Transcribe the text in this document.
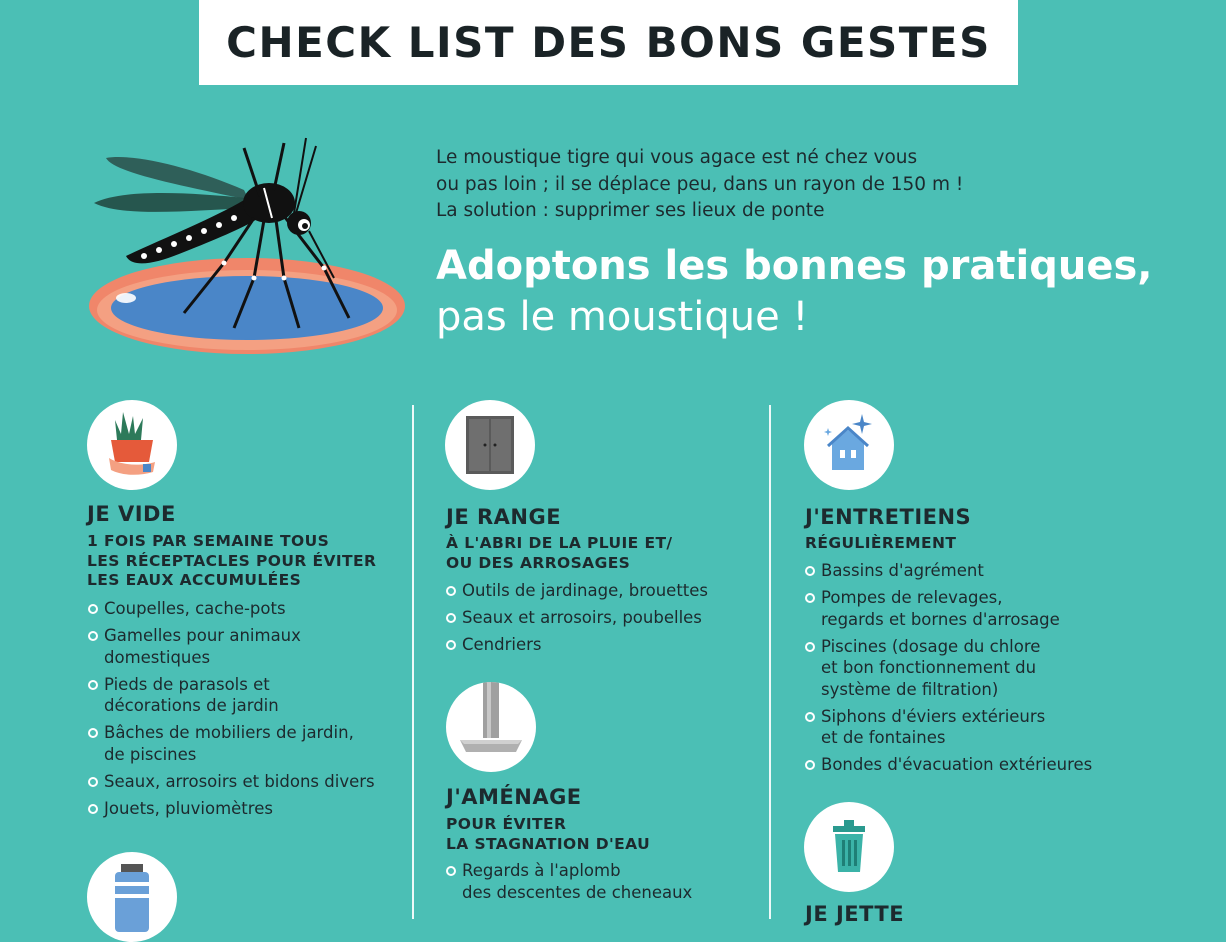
CHECK LIST DES BONS GESTES

Le moustique tigre qui vous agace est né chez vous

ou pas loin ; il se déplace peu, dans un rayon de 150 m !

La solution : supprimer ses lieux de ponte

Adoptons les bonnes pratiques,
pas le moustique !
JE VIDE
1 FOIS PAR SEMAINE TOUS
LES RÉCEPTACLES POUR ÉVITER
LES EAUX ACCUMULÉES
Coupelles, cache-pots
Gamelles pour animaux
domestiques
Pieds de parasols et
décorations de jardin
Bâches de mobiliers de jardin,
de piscines
Seaux, arrosoirs et bidons divers
Jouets, pluviomètres
JE RANGE
À L'ABRI DE LA PLUIE ET/
OU DES ARROSAGES
Outils de jardinage, brouettes
Seaux et arrosoirs, poubelles
Cendriers
J'AMÉNAGE
POUR ÉVITER
LA STAGNATION D'EAU
Regards à l'aplomb
des descentes de cheneaux
J'ENTRETIENS
RÉGULIÈREMENT
Bassins d'agrément
Pompes de relevages,
regards et bornes d'arrosage
Piscines (dosage du chlore
et bon fonctionnement du
système de filtration)
Siphons d'éviers extérieurs
et de fontaines
Bondes d'évacuation extérieures
JE JETTE
